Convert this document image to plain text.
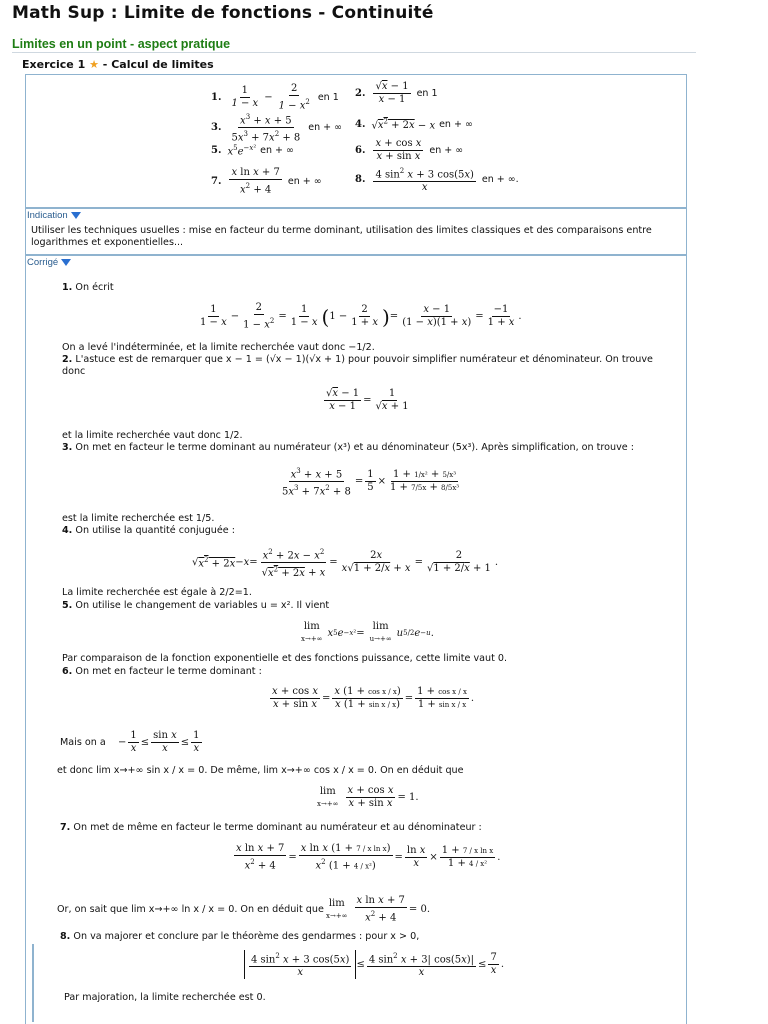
Math Sup : Limite de fonctions - Continuité
Limites en un point - aspect pratique
Exercice 1 ★ - Calcul de limites
1. $\frac{1}{1 - x} - \frac{2}{1 - x^2}$ en 1 2. $\frac{√x - 1}{x - 1}$ en 1
3. $\frac{x^3 + x + 5}{5x^3 + 7x^2 + 8}$ en + ∞ 4. $√x^2 + 2x - x$ en + ∞
5. $x^5e^{-x^2}$ en + ∞	6. $\frac{\text{x + cos x}}{\text{x + sin x}}$ en + ∞
7. $\frac{\text{x ln x + 7}}{x^2 + 4}$ en + ∞	8. $\frac{4 \sin^2 x + 3 \cos(5x)}{x}$ en + ∞.
Indication
Utiliser les techniques usuelles : mise en facteur du terme dominant, utilisation des limites classiques et des comparaisons entre
logarithmes et exponentielles...
Corrigé
1. On écrit
$\frac{1}{1 - x} - \frac{2}{1 - x^2} = \frac{1}{1 - x}$ ( $1 - \frac{2}{1 + x}$ ) = $\frac{x - 1}{(1 - x)(1 + x)} = \frac{-1}{1 + x}$ .
On a levé l'indéterminée, et la limite recherchée vaut donc −1/2.
2. L'astuce est de remarquer que x − 1 = (√x − 1)(√x + 1) pour pouvoir simplifier numérateur et dénominateur. On trouve
donc
$\frac{√x - 1}{x - 1} = \frac{1}{√x + 1}$
et la limite recherchée vaut donc 1/2.
3. On met en facteur le terme dominant au numérateur (x³) et au dénominateur (5x³). Après simplification, on trouve :
$\frac{x^3 + x + 5}{5x^3 + 7x^2 + 8} = \frac{1}{5} \times \frac{\text{1 + 1/x² + 5/x³}}{\text{1 + 7/5x + 8/5x³}}$
est la limite recherchée est 1/5.
4. On utilise la quantité conjuguée :
√ $x^2 + 2x - x = \frac{x^2 + 2x - x^2}{√x^2 + 2x + x} = \frac{2x}{x√1 + 2/x + x} = \frac{2}{√1 + 2/x + 1}$ .
La limite recherchée est égale à 2/2=1.
5. On utilise le changement de variables u = x². Il vient
lim
x→+∞
x 5 e −x² =
lim
u→+∞
u 5/2 e −u .
Par comparaison de la fonction exponentielle et des fonctions puissance, cette limite vaut 0.
6. On met en facteur le terme dominant :
$\frac{\text{x + cos x}}{\text{x + sin x}} = \frac{\text{x (1 + cos x / x)}}{\text{x (1 + sin x / x)}} = \frac{\text{1 + cos x / x}}{\text{1 + sin x / x}}$ .
Mais on $a - \frac{1}{x} \le \frac{\text{sin x}}{x} \le \frac{1}{x}$
et donc lim x→+∞ sin x / x = 0. De même, lim x→+∞ cos x / x = 0. On en déduit que
lim
$x\to+\infty \frac{\text{x + cos x}}{\text{x + sin x}} = 1$.
7. On met de même en facteur le terme dominant au numérateur et au dénominateur :
$\frac{\text{x ln x + 7}}{x^2 + 4} = \frac{\text{x ln x (1 + 7 / x ln x)}}{x^2 (1 + 4 / x^2)} = \frac{\text{ln x}}{x} \times \frac{\text{1 + 7 / x ln x}}{\text{1 + 4 / x²}}$ .
Or, on sait que lim x→+∞ ln x / x = 0. On en déduit que
lim
$x\to+\infty \frac{\text{x ln x + 7}}{x^2 + 4} = 0$.
8. On va majorer et conclure par le théorème des gendarmes : pour x > 0,
$\frac{4 \sin^2 x + 3 \cos(5x)}{x} \le \frac{4 \sin^2 x + 3| \cos(5x)|}{x} \le \frac{7}{x}$ .
Par majoration, la limite recherchée est 0.
